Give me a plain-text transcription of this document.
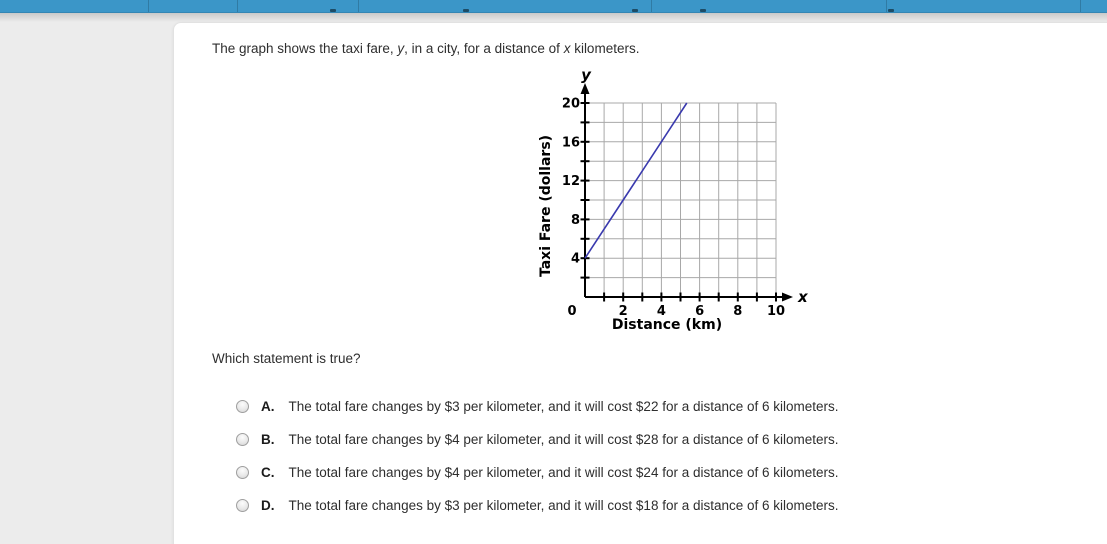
The graph shows the taxi fare, y, in a city, for a distance of x kilometers.

20
16
12
8
4
0	2 4 6 8 10
y
x
Taxi Fare (dollars)
Distance (km)

Which statement is true?

A. The total fare changes by $3 per kilometer, and it will cost $22 for a distance of 6 kilometers.
B. The total fare changes by $4 per kilometer, and it will cost $28 for a distance of 6 kilometers.
C. The total fare changes by $4 per kilometer, and it will cost $24 for a distance of 6 kilometers.
D. The total fare changes by $3 per kilometer, and it will cost $18 for a distance of 6 kilometers.
